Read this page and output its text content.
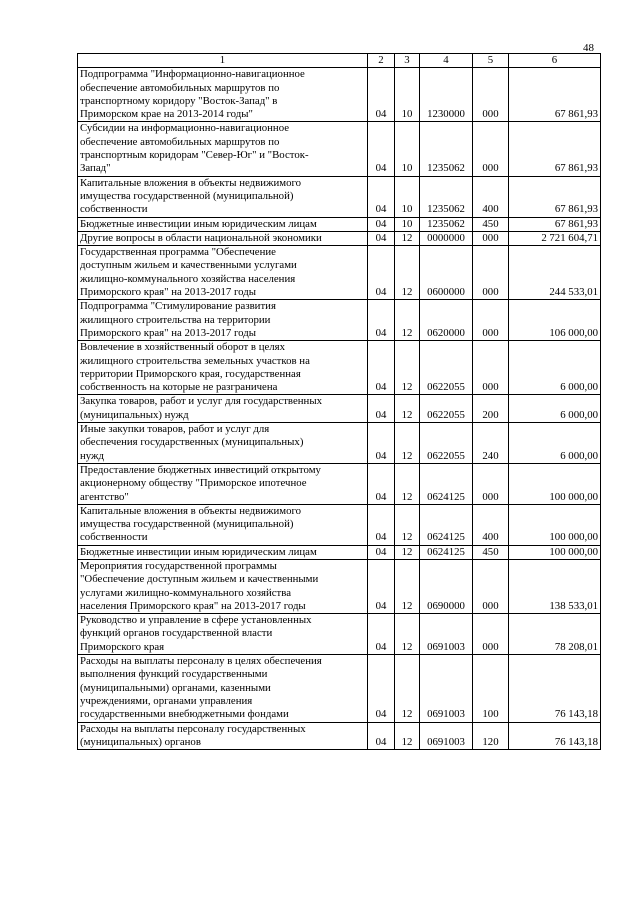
48
1	2	3	4	5	6
Подпрограмма "Информационно-навигационное
обеспечение автомобильных маршрутов по
транспортному коридору "Восток-Запад" в
Приморском крае на 2013-2014 годы"	04	10	1230000	000	67 861,93
Субсидии на информационно-навигационное
обеспечение автомобильных маршрутов по
транспортным коридорам "Север-Юг" и "Восток-
Запад"	04	10	1235062	000	67 861,93
Капитальные вложения в объекты недвижимого
имущества государственной (муниципальной)
собственности	04	10	1235062	400	67 861,93
Бюджетные инвестиции иным юридическим лицам	04	10	1235062	450	67 861,93
Другие вопросы в области национальной экономики	04	12	0000000	000	2 721 604,71
Государственная программа "Обеспечение
доступным жильем и качественными услугами
жилищно-коммунального хозяйства населения
Приморского края" на 2013-2017 годы	04	12	0600000	000	244 533,01
Подпрограмма "Стимулирование развития
жилищного строительства на территории
Приморского края" на 2013-2017 годы	04	12	0620000	000	106 000,00
Вовлечение в хозяйственный оборот в целях
жилищного строительства земельных участков на
территории Приморского края, государственная
собственность на которые не разграничена	04	12	0622055	000	6 000,00
Закупка товаров, работ и услуг для государственных
(муниципальных) нужд	04	12	0622055	200	6 000,00
Иные закупки товаров, работ и услуг для
обеспечения государственных (муниципальных)
нужд	04	12	0622055	240	6 000,00
Предоставление бюджетных инвестиций открытому
акционерному обществу "Приморское ипотечное
агентство"	04	12	0624125	000	100 000,00
Капитальные вложения в объекты недвижимого
имущества государственной (муниципальной)
собственности	04	12	0624125	400	100 000,00
Бюджетные инвестиции иным юридическим лицам	04	12	0624125	450	100 000,00
Мероприятия государственной программы
"Обеспечение доступным жильем и качественными
услугами жилищно-коммунального хозяйства
населения Приморского края" на 2013-2017 годы	04	12	0690000	000	138 533,01
Руководство и управление в сфере установленных
функций органов государственной власти
Приморского края	04	12	0691003	000	78 208,01
Расходы на выплаты персоналу в целях обеспечения
выполнения функций государственными
(муниципальными) органами, казенными
учреждениями, органами управления
государственными внебюджетными фондами	04	12	0691003	100	76 143,18
Расходы на выплаты персоналу государственных
(муниципальных) органов	04	12	0691003	120	76 143,18
